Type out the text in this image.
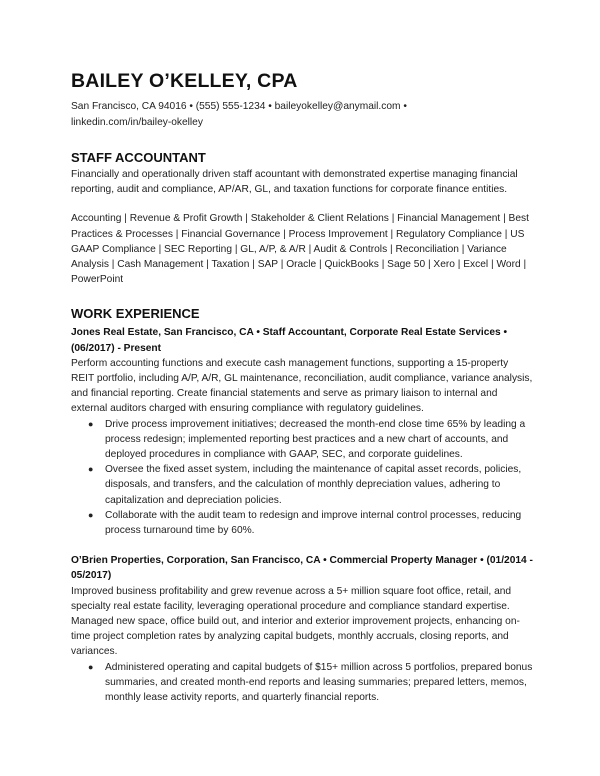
BAILEY O’KELLEY, CPA
San Francisco, CA 94016 • (555) 555-1234 • baileyokelley@anymail.com •
linkedin.com/in/bailey-okelley
STAFF ACCOUNTANT

Financially and operationally driven staff acountant with demonstrated expertise managing financial reporting, audit and compliance, AP/AR, GL, and taxation functions for corporate finance entities.

Accounting | Revenue & Profit Growth | Stakeholder & Client Relations | Financial Management | Best Practices & Processes | Financial Governance | Process Improvement | Regulatory Compliance | US GAAP Compliance | SEC Reporting | GL, A/P, & A/R | Audit & Controls | Reconciliation | Variance Analysis | Cash Management | Taxation | SAP | Oracle | QuickBooks | Sage 50 | Xero | Excel | Word | PowerPoint

WORK EXPERIENCE
Jones Real Estate, San Francisco, CA • Staff Accountant, Corporate Real Estate Services • (06/2017) - Present

Perform accounting functions and execute cash management functions, supporting a 15-property REIT portfolio, including A/P, A/R, GL maintenance, reconciliation, audit compliance, variance analysis, and financial reporting. Create financial statements and serve as primary liaison to internal and external auditors charged with ensuring compliance with regulatory guidelines.

● Drive process improvement initiatives; decreased the month-end close time 65% by leading a process redesign; implemented reporting best practices and a new chart of accounts, and deployed procedures in compliance with GAAP, SEC, and corporate guidelines.
● Oversee the fixed asset system, including the maintenance of capital asset records, policies, disposals, and transfers, and the calculation of monthly depreciation values, adhering to capitalization and depreciation policies.
● Collaborate with the audit team to redesign and improve internal control processes, reducing process turnaround time by 60%.
O’Brien Properties, Corporation, San Francisco, CA • Commercial Property Manager • (01/2014 - 05/2017)

Improved business profitability and grew revenue across a 5+ million square foot office, retail, and specialty real estate facility, leveraging operational procedure and compliance standard expertise. Managed new space, office build out, and interior and exterior improvement projects, enhancing on-time project completion rates by analyzing capital budgets, monthly accruals, closing reports, and variances.

● Administered operating and capital budgets of $15+ million across 5 portfolios, prepared bonus summaries, and created month-end reports and leasing summaries; prepared letters, memos, monthly lease activity reports, and quarterly financial reports.
